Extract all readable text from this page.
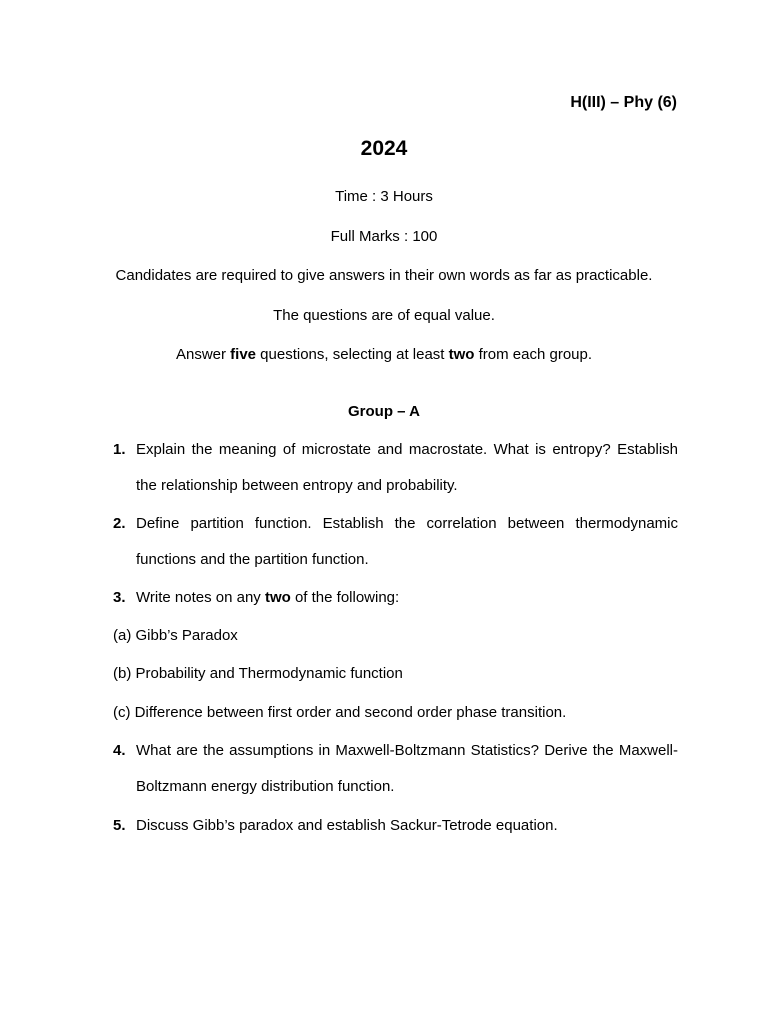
H(III) – Phy (6)
2024
Time : 3 Hours
Full Marks : 100
Candidates are required to give answers in their own words as far as practicable.
The questions are of equal value.
Answer five questions, selecting at least two from each group.
Group – A
1. Explain the meaning of microstate and macrostate. What is entropy? Establish the relationship between entropy and probability.
2. Define partition function. Establish the correlation between thermodynamic functions and the partition function.
3. Write notes on any two of the following:
(a) Gibb’s Paradox
(b) Probability and Thermodynamic function
(c) Difference between first order and second order phase transition.
4. What are the assumptions in Maxwell-Boltzmann Statistics? Derive the Maxwell-Boltzmann energy distribution function.
5. Discuss Gibb’s paradox and establish Sackur-Tetrode equation.
